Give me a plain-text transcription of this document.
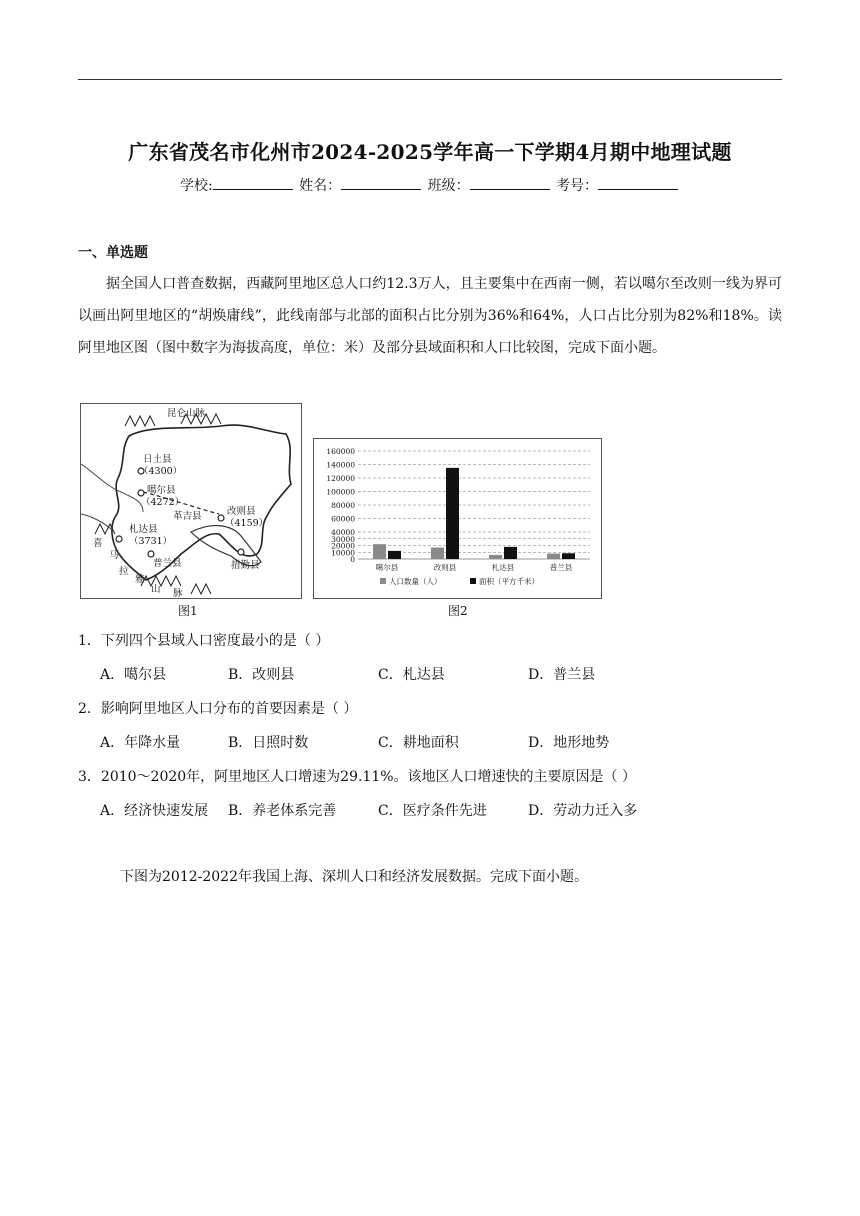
广东省茂名市化州市2024-2025学年高一下学期4月期中地理试题
学校:	姓名：	班级：	考号：
一、单选题
据全国人口普查数据，西藏阿里地区总人口约12.3万人，且主要集中在西南一侧，若以噶尔至改则一线为界可以画出阿里地区的“胡焕庸线”，此线南部与北部的面积占比分别为36%和64%，人口占比分别为82%和18%。读阿里地区图（图中数字为海拔高度，单位：米）及部分县域面积和人口比较图，完成下面小题。
昆仑山脉
日土县
（4300）
噶尔县
（4272）
改则县
（4159）
革吉县
札达县
（3731）
普兰县	措勤县
喜
马
拉
雅
山 脉
图1
0
10000
20000
30000
40000
60000
80000
100000
120000
140000
160000
噶尔县	改则县	札达县	普兰县
人口数量（人）	面积（平方千米）
图2
1．下列四个县域人口密度最小的是（ ）
A．噶尔县	B．改则县	C．札达县	D．普兰县
2．影响阿里地区人口分布的首要因素是（ ）
A．年降水量	B．日照时数	C．耕地面积	D．地形地势
3．2010～2020年，阿里地区人口增速为29.11%。该地区人口增速快的主要原因是（ ）
A．经济快速发展 B．养老体系完善	C．医疗条件先进	D．劳动力迁入多
下图为2012-2022年我国上海、深圳人口和经济发展数据。完成下面小题。
